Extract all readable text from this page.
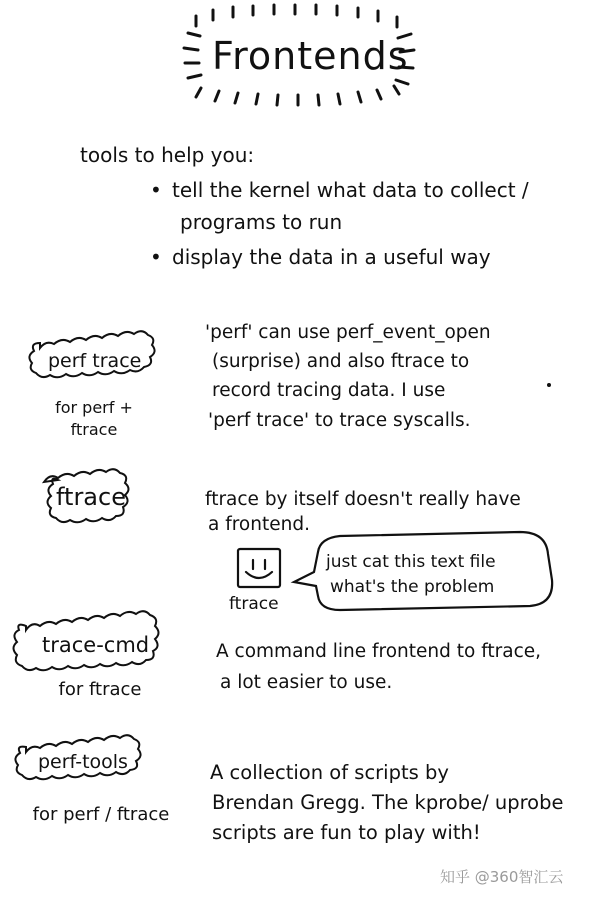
Frontends
tools to help you:
• tell the kernel what data to collect /
programs to run
• display the data in a useful way
perf trace
for perf +
ftrace
'perf' can use perf_event_open
(surprise) and also ftrace to
record tracing data. I use
'perf trace' to trace syscalls.
ftrace	ftrace by itself doesn't really have
a frontend.
ftrace
just cat this text file
what's the problem
trace-cmd
for ftrace
A command line frontend to ftrace,
a lot easier to use.
perf-tools
for perf / ftrace
A collection of scripts by
Brendan Gregg. The kprobe/ uprobe
scripts are fun to play with!
知乎 @360智汇云
